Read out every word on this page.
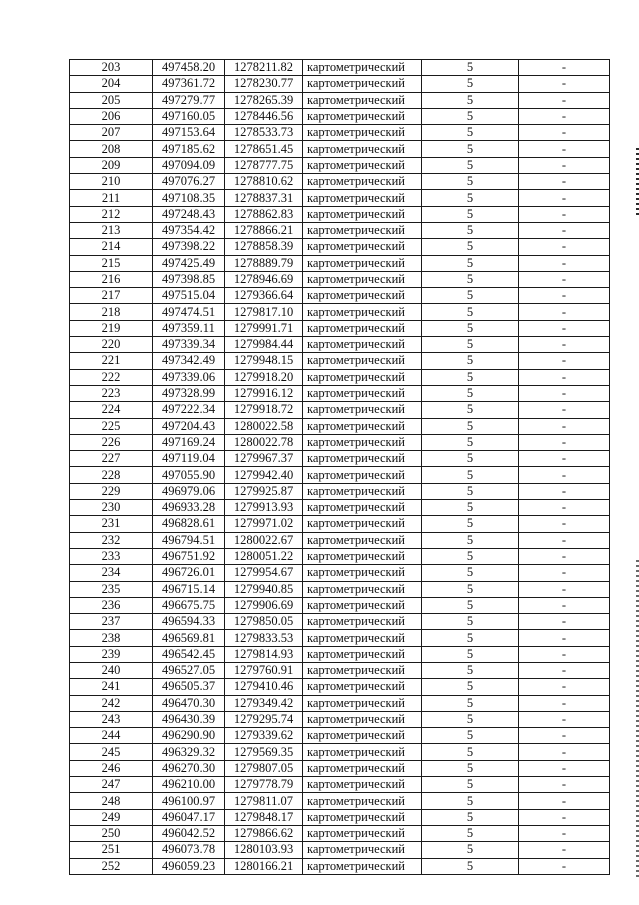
203	497458.20	1278211.82	картометрический	5	-
204	497361.72	1278230.77	картометрический	5	-
205	497279.77	1278265.39	картометрический	5	-
206	497160.05	1278446.56	картометрический	5	-
207	497153.64	1278533.73	картометрический	5	-
208	497185.62	1278651.45	картометрический	5	-
209	497094.09	1278777.75	картометрический	5	-
210	497076.27	1278810.62	картометрический	5	-
211	497108.35	1278837.31	картометрический	5	-
212	497248.43	1278862.83	картометрический	5	-
213	497354.42	1278866.21	картометрический	5	-
214	497398.22	1278858.39	картометрический	5	-
215	497425.49	1278889.79	картометрический	5	-
216	497398.85	1278946.69	картометрический	5	-
217	497515.04	1279366.64	картометрический	5	-
218	497474.51	1279817.10	картометрический	5	-
219	497359.11	1279991.71	картометрический	5	-
220	497339.34	1279984.44	картометрический	5	-
221	497342.49	1279948.15	картометрический	5	-
222	497339.06	1279918.20	картометрический	5	-
223	497328.99	1279916.12	картометрический	5	-
224	497222.34	1279918.72	картометрический	5	-
225	497204.43	1280022.58	картометрический	5	-
226	497169.24	1280022.78	картометрический	5	-
227	497119.04	1279967.37	картометрический	5	-
228	497055.90	1279942.40	картометрический	5	-
229	496979.06	1279925.87	картометрический	5	-
230	496933.28	1279913.93	картометрический	5	-
231	496828.61	1279971.02	картометрический	5	-
232	496794.51	1280022.67	картометрический	5	-
233	496751.92	1280051.22	картометрический	5	-
234	496726.01	1279954.67	картометрический	5	-
235	496715.14	1279940.85	картометрический	5	-
236	496675.75	1279906.69	картометрический	5	-
237	496594.33	1279850.05	картометрический	5	-
238	496569.81	1279833.53	картометрический	5	-
239	496542.45	1279814.93	картометрический	5	-
240	496527.05	1279760.91	картометрический	5	-
241	496505.37	1279410.46	картометрический	5	-
242	496470.30	1279349.42	картометрический	5	-
243	496430.39	1279295.74	картометрический	5	-
244	496290.90	1279339.62	картометрический	5	-
245	496329.32	1279569.35	картометрический	5	-
246	496270.30	1279807.05	картометрический	5	-
247	496210.00	1279778.79	картометрический	5	-
248	496100.97	1279811.07	картометрический	5	-
249	496047.17	1279848.17	картометрический	5	-
250	496042.52	1279866.62	картометрический	5	-
251	496073.78	1280103.93	картометрический	5	-
252	496059.23	1280166.21	картометрический	5	-
